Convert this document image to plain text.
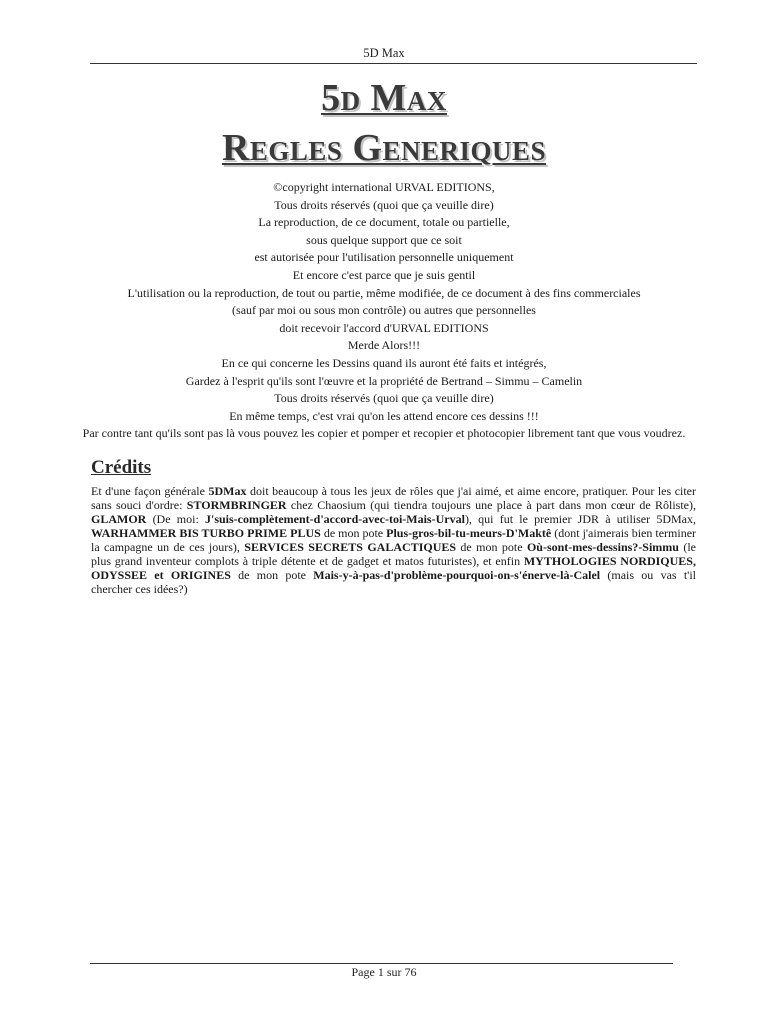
5D Max
5d Max
Regles Generiques
©copyright international URVAL EDITIONS,
Tous droits réservés (quoi que ça veuille dire)
La reproduction, de ce document, totale ou partielle,
sous quelque support que ce soit
est autorisée pour l'utilisation personnelle uniquement
Et encore c'est parce que je suis gentil
L'utilisation ou la reproduction, de tout ou partie, même modifiée, de ce document à des fins commerciales
(sauf par moi ou sous mon contrôle) ou autres que personnelles
doit recevoir l'accord d'URVAL EDITIONS
Merde Alors!!!
En ce qui concerne les Dessins quand ils auront été faits et intégrés,
Gardez à l'esprit qu'ils sont l'œuvre et la propriété de Bertrand – Simmu – Camelin
Tous droits réservés (quoi que ça veuille dire)
En même temps, c'est vrai qu'on les attend encore ces dessins !!!
Par contre tant qu'ils sont pas là vous pouvez les copier et pomper et recopier et photocopier librement tant que vous voudrez.
Crédits
Et d'une façon générale 5DMax doit beaucoup à tous les jeux de rôles que j'ai aimé, et aime encore, pratiquer. Pour les citer sans souci d'ordre: STORMBRINGER chez Chaosium (qui tiendra toujours une place à part dans mon cœur de Rôliste), GLAMOR (De moi: J'suis-complètement-d'accord-avec-toi-Mais-Urval), qui fut le premier JDR à utiliser 5DMax, WARHAMMER BIS TURBO PRIME PLUS de mon pote Plus-gros-bil-tu-meurs-D'Maktê (dont j'aimerais bien terminer la campagne un de ces jours), SERVICES SECRETS GALACTIQUES de mon pote Où-sont-mes-dessins?-Simmu (le plus grand inventeur complots à triple détente et de gadget et matos futuristes), et enfin MYTHOLOGIES NORDIQUES, ODYSSEE et ORIGINES de mon pote Mais-y-à-pas-d'problème-pourquoi-on-s'énerve-là-Calel (mais ou vas t'il chercher ces idées?)
Page 1 sur 76
